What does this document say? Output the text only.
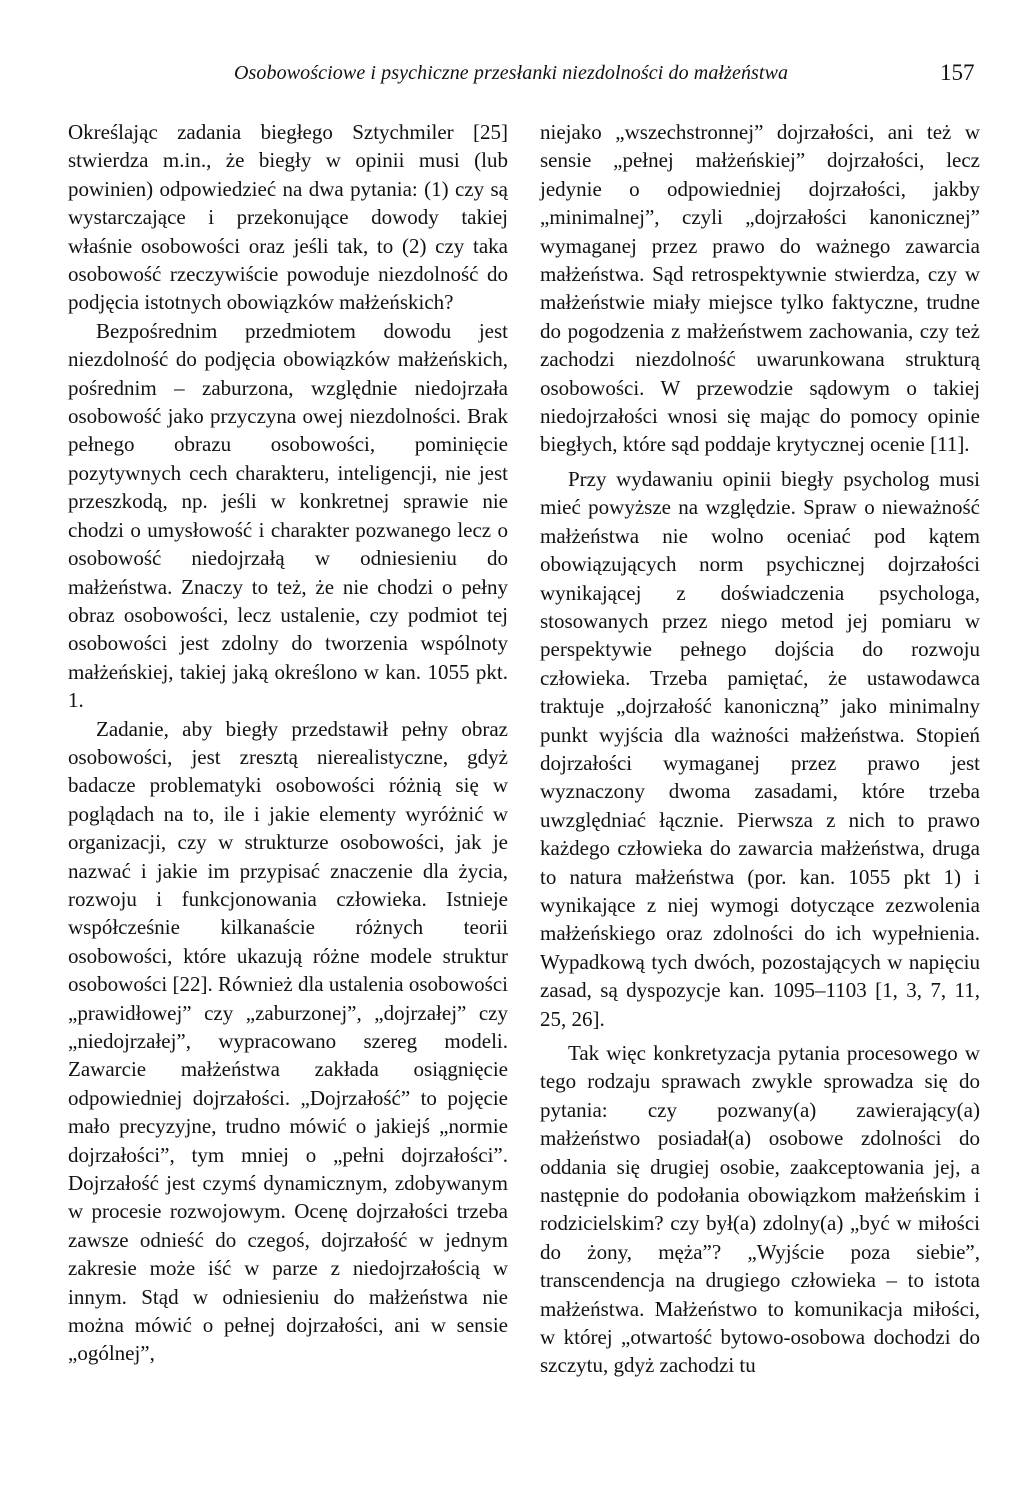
Osobowościowe i psychiczne przesłanki niezdolności do małżeństwa	157

Określając zadania biegłego Sztychmiler [25] stwierdza m.in., że biegły w opinii musi (lub powinien) odpowiedzieć na dwa pytania: (1) czy są wystarczające i przekonujące dowody takiej właśnie osobowości oraz jeśli tak, to (2) czy taka osobowość rzeczywiście powoduje niezdolność do podjęcia istotnych obowiązków małżeńskich?

Bezpośrednim przedmiotem dowodu jest niezdolność do podjęcia obowiązków małżeńskich, pośrednim – zaburzona, względnie niedojrzała osobowość jako przyczyna owej niezdolności. Brak pełnego obrazu osobowości, pominięcie pozytywnych cech charakteru, inteligencji, nie jest przeszkodą, np. jeśli w konkretnej sprawie nie chodzi o umysłowość i charakter pozwanego lecz o osobowość niedojrzałą w odniesieniu do małżeństwa. Znaczy to też, że nie chodzi o pełny obraz osobowości, lecz ustalenie, czy podmiot tej osobowości jest zdolny do tworzenia wspólnoty małżeńskiej, takiej jaką określono w kan. 1055 pkt. 1.

Zadanie, aby biegły przedstawił pełny obraz osobowości, jest zresztą nierealistyczne, gdyż badacze problematyki osobowości różnią się w poglądach na to, ile i jakie elementy wyróżnić w organizacji, czy w strukturze osobowości, jak je nazwać i jakie im przypisać znaczenie dla życia, rozwoju i funkcjonowania człowieka. Istnieje współcześnie kilkanaście różnych teorii osobowości, które ukazują różne modele struktur osobowości [22]. Również dla ustalenia osobowości „prawidłowej” czy „zaburzonej”, „dojrzałej” czy „niedojrzałej”, wypracowano szereg modeli. Zawarcie małżeństwa zakłada osiągnięcie odpowiedniej dojrzałości. „Dojrzałość” to pojęcie mało precyzyjne, trudno mówić o jakiejś „normie dojrzałości”, tym mniej o „pełni dojrzałości”. Dojrzałość jest czymś dynamicznym, zdobywanym w procesie rozwojowym. Ocenę dojrzałości trzeba zawsze odnieść do czegoś, dojrzałość w jednym zakresie może iść w parze z niedojrzałością w innym. Stąd w odniesieniu do małżeństwa nie można mówić o pełnej dojrzałości, ani w sensie „ogólnej”,

niejako „wszechstronnej” dojrzałości, ani też w sensie „pełnej małżeńskiej” dojrzałości, lecz jedynie o odpowiedniej dojrzałości, jakby „minimalnej”, czyli „dojrzałości kanonicznej” wymaganej przez prawo do ważnego zawarcia małżeństwa. Sąd retrospektywnie stwierdza, czy w małżeństwie miały miejsce tylko faktyczne, trudne do pogodzenia z małżeństwem zachowania, czy też zachodzi niezdolność uwarunkowana strukturą osobowości. W przewodzie sądowym o takiej niedojrzałości wnosi się mając do pomocy opinie biegłych, które sąd poddaje krytycznej ocenie [11].

Przy wydawaniu opinii biegły psycholog musi mieć powyższe na względzie. Spraw o nieważność małżeństwa nie wolno oceniać pod kątem obowiązujących norm psychicznej dojrzałości wynikającej z doświadczenia psychologa, stosowanych przez niego metod jej pomiaru w perspektywie pełnego dojścia do rozwoju człowieka. Trzeba pamiętać, że ustawodawca traktuje „dojrzałość kanoniczną” jako minimalny punkt wyjścia dla ważności małżeństwa. Stopień dojrzałości wymaganej przez prawo jest wyznaczony dwoma zasadami, które trzeba uwzględniać łącznie. Pierwsza z nich to prawo każdego człowieka do zawarcia małżeństwa, druga to natura małżeństwa (por. kan. 1055 pkt 1) i wynikające z niej wymogi dotyczące zezwolenia małżeńskiego oraz zdolności do ich wypełnienia. Wypadkową tych dwóch, pozostających w napięciu zasad, są dyspozycje kan. 1095–1103 [1, 3, 7, 11, 25, 26].

Tak więc konkretyzacja pytania procesowego w tego rodzaju sprawach zwykle sprowadza się do pytania: czy pozwany(a) zawierający(a) małżeństwo posiadał(a) osobowe zdolności do oddania się drugiej osobie, zaakceptowania jej, a następnie do podołania obowiązkom małżeńskim i rodzicielskim? czy był(a) zdolny(a) „być w miłości do żony, męża”? „Wyjście poza siebie”, transcendencja na drugiego człowieka – to istota małżeństwa. Małżeństwo to komunikacja miłości, w której „otwartość bytowo-osobowa dochodzi do szczytu, gdyż zachodzi tu
